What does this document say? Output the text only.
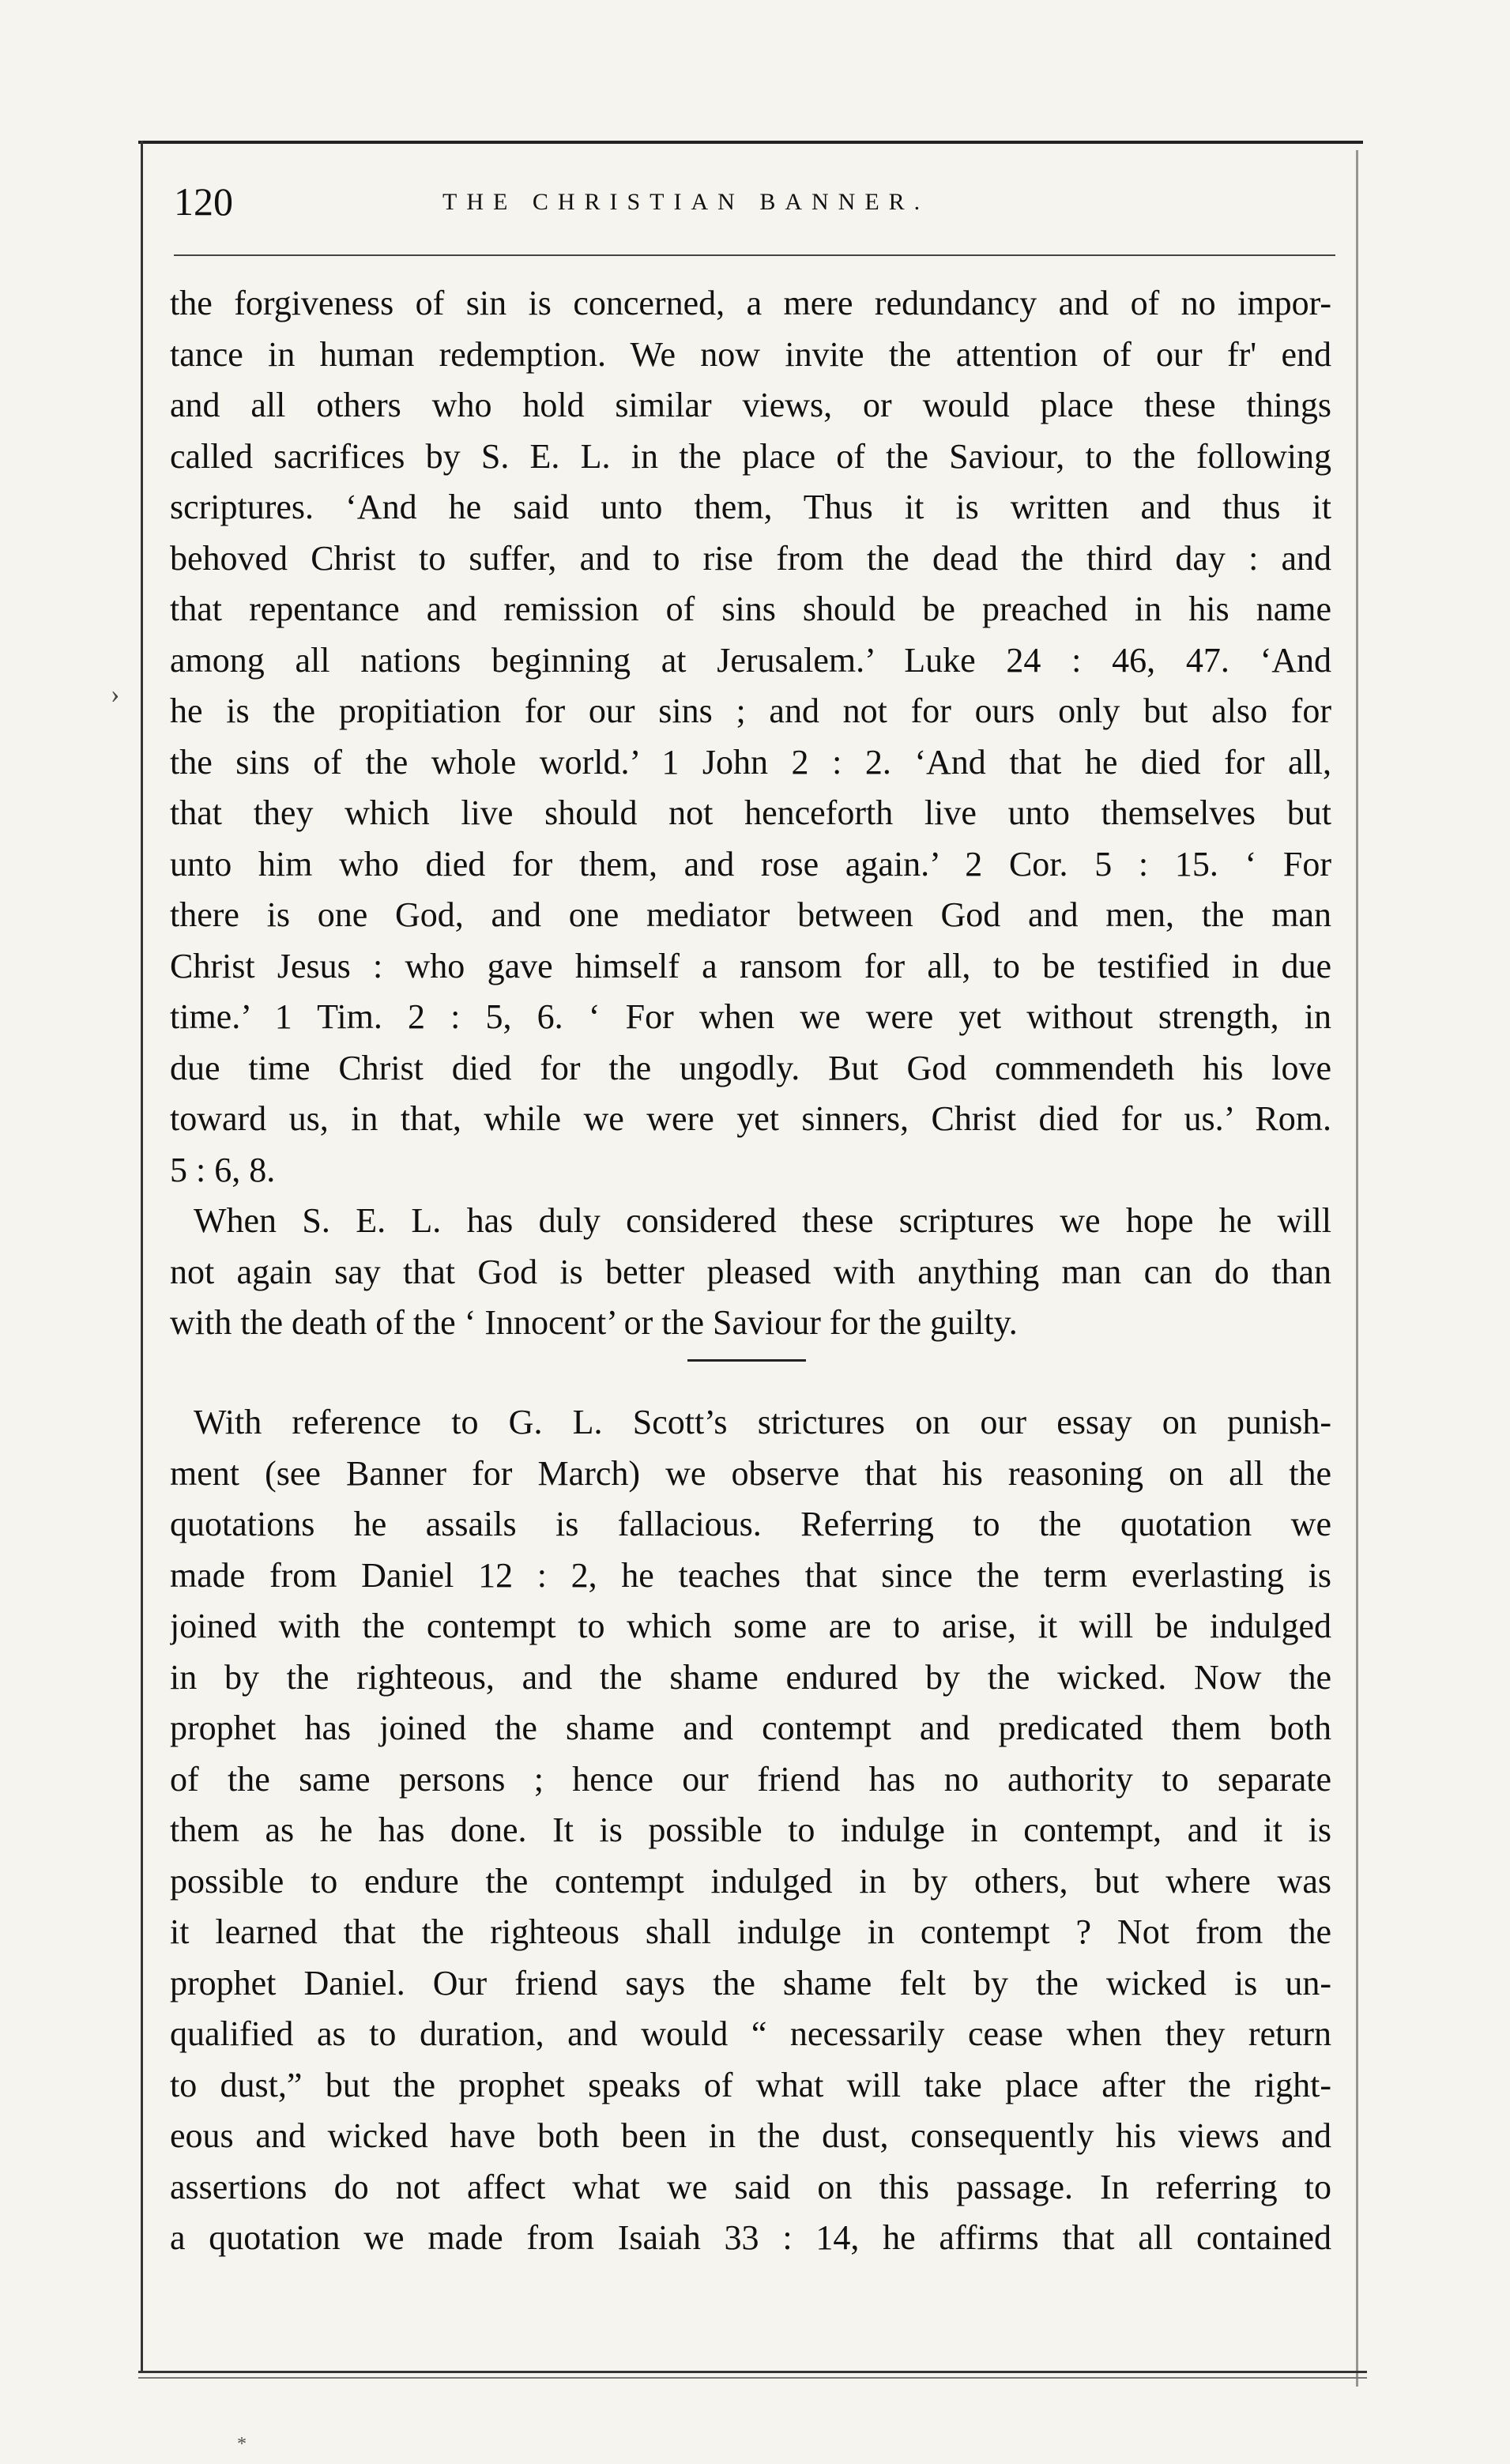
120	THE CHRISTIAN BANNER.
›
the forgiveness of sin is concerned, a mere redundancy and of no impor-
tance in human redemption. We now invite the attention of our fr' end
and all others who hold similar views, or would place these things
called sacrifices by S. E. L. in the place of the Saviour, to the following
scriptures. ‘And he said unto them, Thus it is written and thus it
behoved Christ to suffer, and to rise from the dead the third day : and
that repentance and remission of sins should be preached in his name
among all nations beginning at Jerusalem.’ Luke 24 : 46, 47. ‘And
he is the propitiation for our sins ; and not for ours only but also for
the sins of the whole world.’ 1 John 2 : 2. ‘And that he died for all,
that they which live should not henceforth live unto themselves but
unto him who died for them, and rose again.’ 2 Cor. 5 : 15. ‘ For
there is one God, and one mediator between God and men, the man
Christ Jesus : who gave himself a ransom for all, to be testified in due
time.’ 1 Tim. 2 : 5, 6. ‘ For when we were yet without strength, in
due time Christ died for the ungodly. But God commendeth his love
toward us, in that, while we were yet sinners, Christ died for us.’ Rom.
5 : 6, 8.
When S. E. L. has duly considered these scriptures we hope he will
not again say that God is better pleased with anything man can do than
with the death of the ‘ Innocent’ or the Saviour for the guilty.
With reference to G. L. Scott’s strictures on our essay on punish-
ment (see Banner for March) we observe that his reasoning on all the
quotations he assails is fallacious. Referring to the quotation we
made from Daniel 12 : 2, he teaches that since the term everlasting is
joined with the contempt to which some are to arise, it will be indulged
in by the righteous, and the shame endured by the wicked. Now the
prophet has joined the shame and contempt and predicated them both
of the same persons ; hence our friend has no authority to separate
them as he has done. It is possible to indulge in contempt, and it is
possible to endure the contempt indulged in by others, but where was
it learned that the righteous shall indulge in contempt ? Not from the
prophet Daniel. Our friend says the shame felt by the wicked is un-
qualified as to duration, and would “ necessarily cease when they return
to dust,” but the prophet speaks of what will take place after the right-
eous and wicked have both been in the dust, consequently his views and
assertions do not affect what we said on this passage. In referring to
a quotation we made from Isaiah 33 : 14, he affirms that all contained
*
